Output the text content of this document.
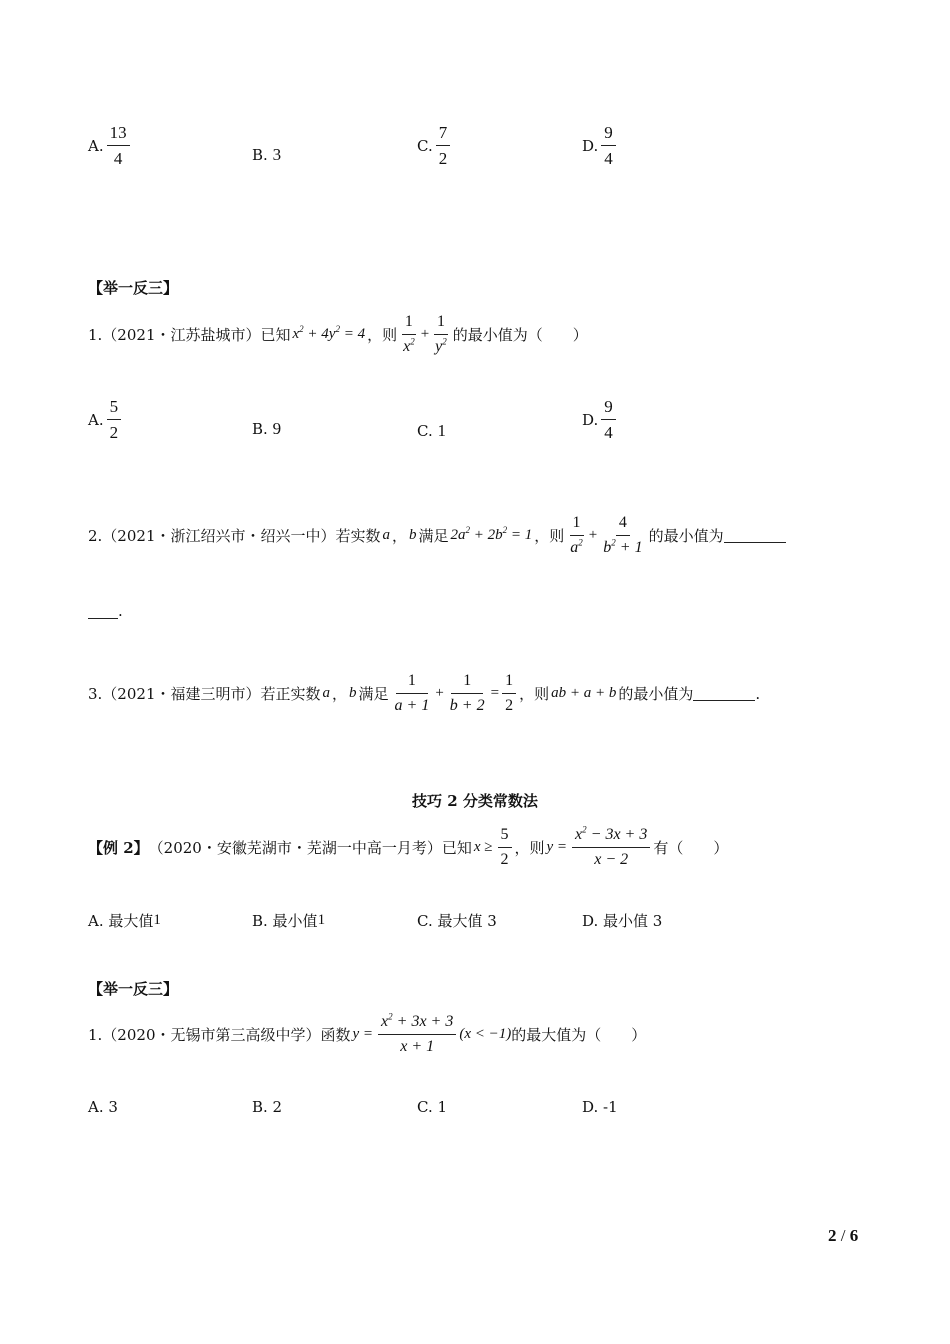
A. $\frac{13}{4}$	B.
3	C. $\frac{7}{2}$	D. $\frac{9}{4}$
【举一反三】
1.（2021・江苏盐城市）已知 $x^2 + 4y^2 = 4$ ，则 $\frac{1}{x^2} + \frac{1}{y^2}$ 的最小值为（　　）
A. $\frac{5}{2}$	B.
9	C.
1
D. $\frac{9}{4}$
2.（2021・浙江绍兴市・绍兴一中）若实数 a ， b 满足 $2a^2 + 2b^2 = 1$ ，则 $\frac{1}{a^2} + \frac{4}{b^2 + 1}$ 的最小值为
.
3.（2021・福建三明市）若正实数 a ， b 满足 $\frac{1}{a + 1} + \frac{1}{b + 2} = \frac{1}{2}$ ，则 ab + a + b 的最小值为	.
技巧 2 分类常数法
【例 2】 （2020・安徽芜湖市・芜湖一中高一月考）已知 $x \ge \frac{5}{2}$ ，则 $y = \frac{x^2 - 3x + 3}{x - 2}$ 有（　　）
A. 最大值 1	B. 最小值 1	C. 最大值 3	D. 最小值 3
【举一反三】
1.（2020・无锡市第三高级中学）函数 $y = \frac{x^2 + 3x + 3}{x + 1} (x < -1)$ 的最大值为（　　）
A. 3	B. 2	C. 1	D. -1
2 / 6
